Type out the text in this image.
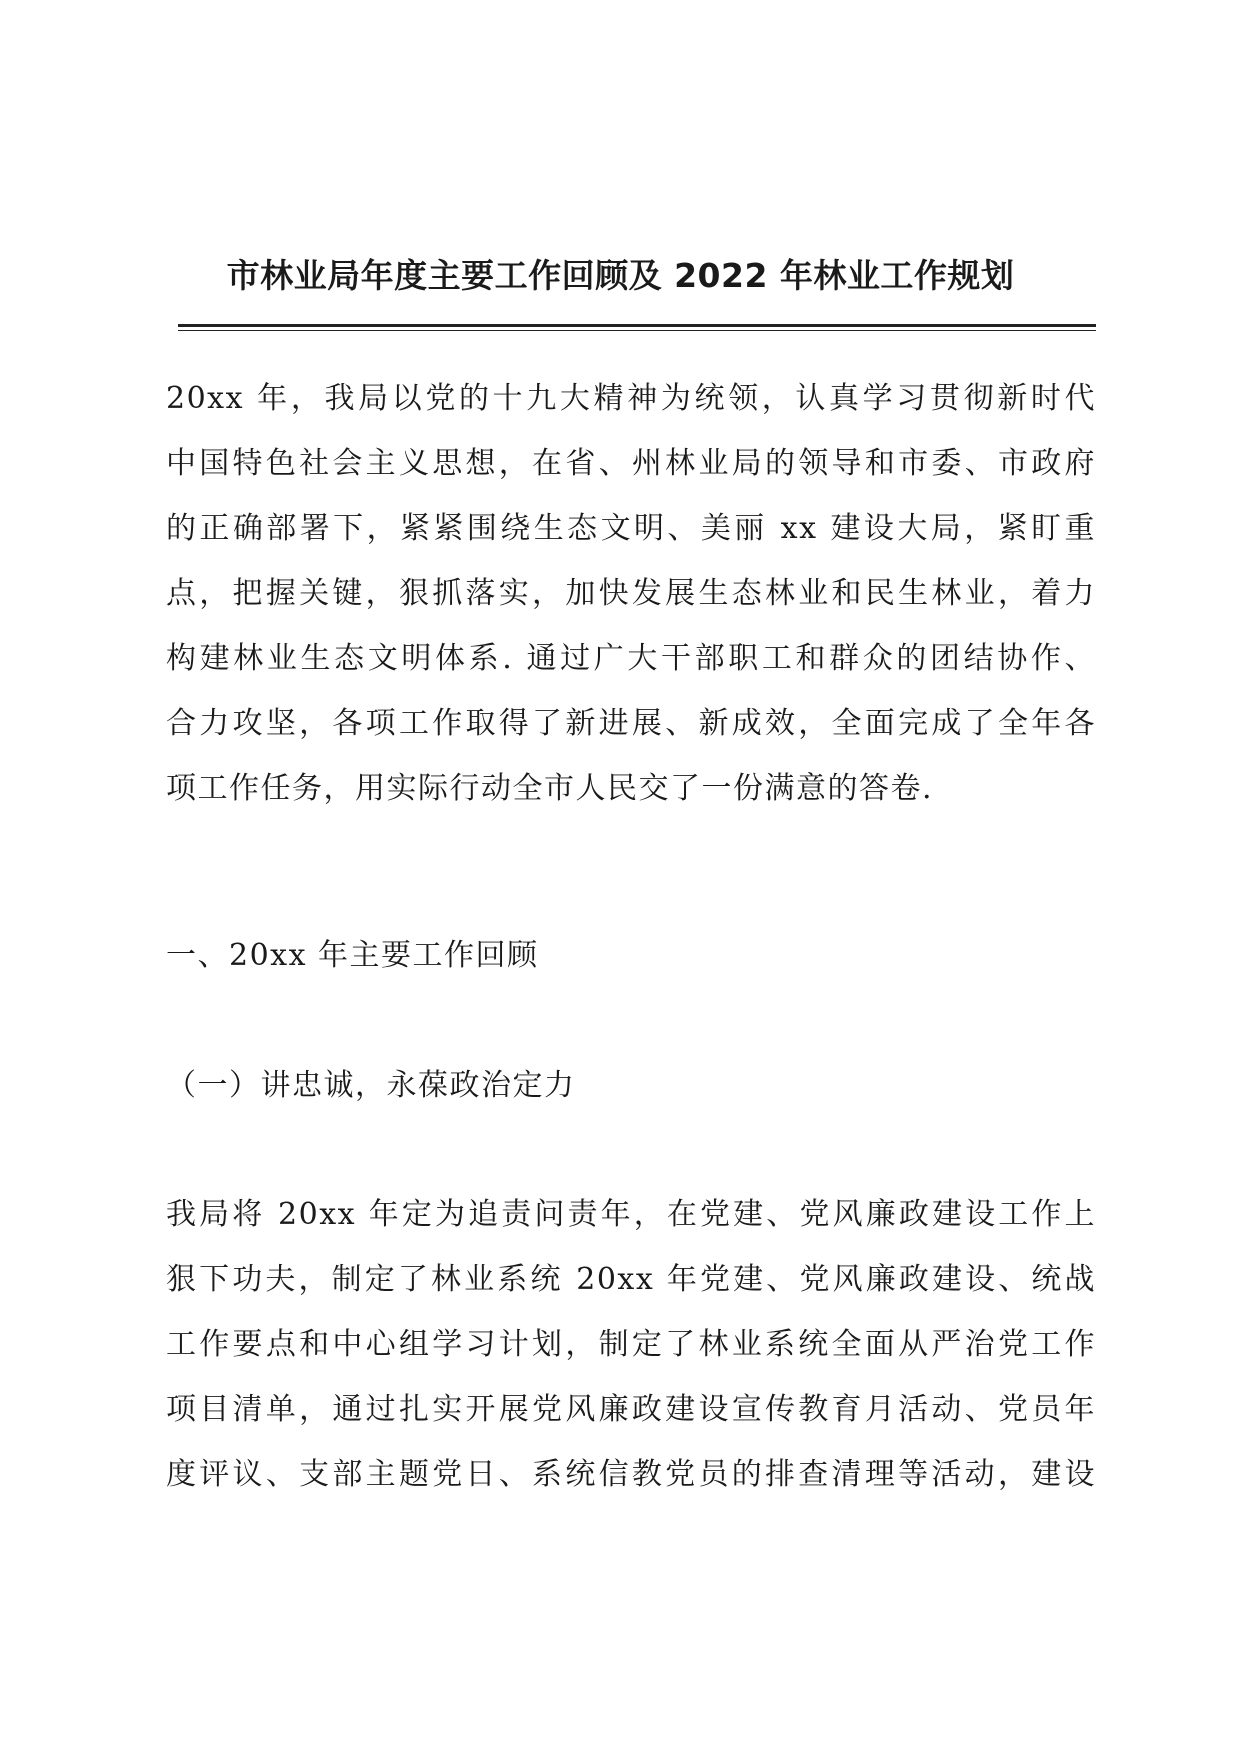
市林业局年度主要工作回顾及 2022 年林业工作规划
20xx 年，我局以党的十九大精神为统领，认真学习贯彻新时代
中国特色社会主义思想，在省、州林业局的领导和市委、市政府
的正确部署下，紧紧围绕生态文明、美丽 xx 建设大局，紧盯重
点，把握关键，狠抓落实，加快发展生态林业和民生林业，着力
构建林业生态文明体系. 通过广大干部职工和群众的团结协作、
合力攻坚，各项工作取得了新进展、新成效，全面完成了全年各
项工作任务，用实际行动全市人民交了一份满意的答卷.
一、20xx 年主要工作回顾
（一）讲忠诚，永葆政治定力
我局将 20xx 年定为追责问责年，在党建、党风廉政建设工作上
狠下功夫，制定了林业系统 20xx 年党建、党风廉政建设、统战
工作要点和中心组学习计划，制定了林业系统全面从严治党工作
项目清单，通过扎实开展党风廉政建设宣传教育月活动、党员年
度评议、支部主题党日、系统信教党员的排查清理等活动，建设
